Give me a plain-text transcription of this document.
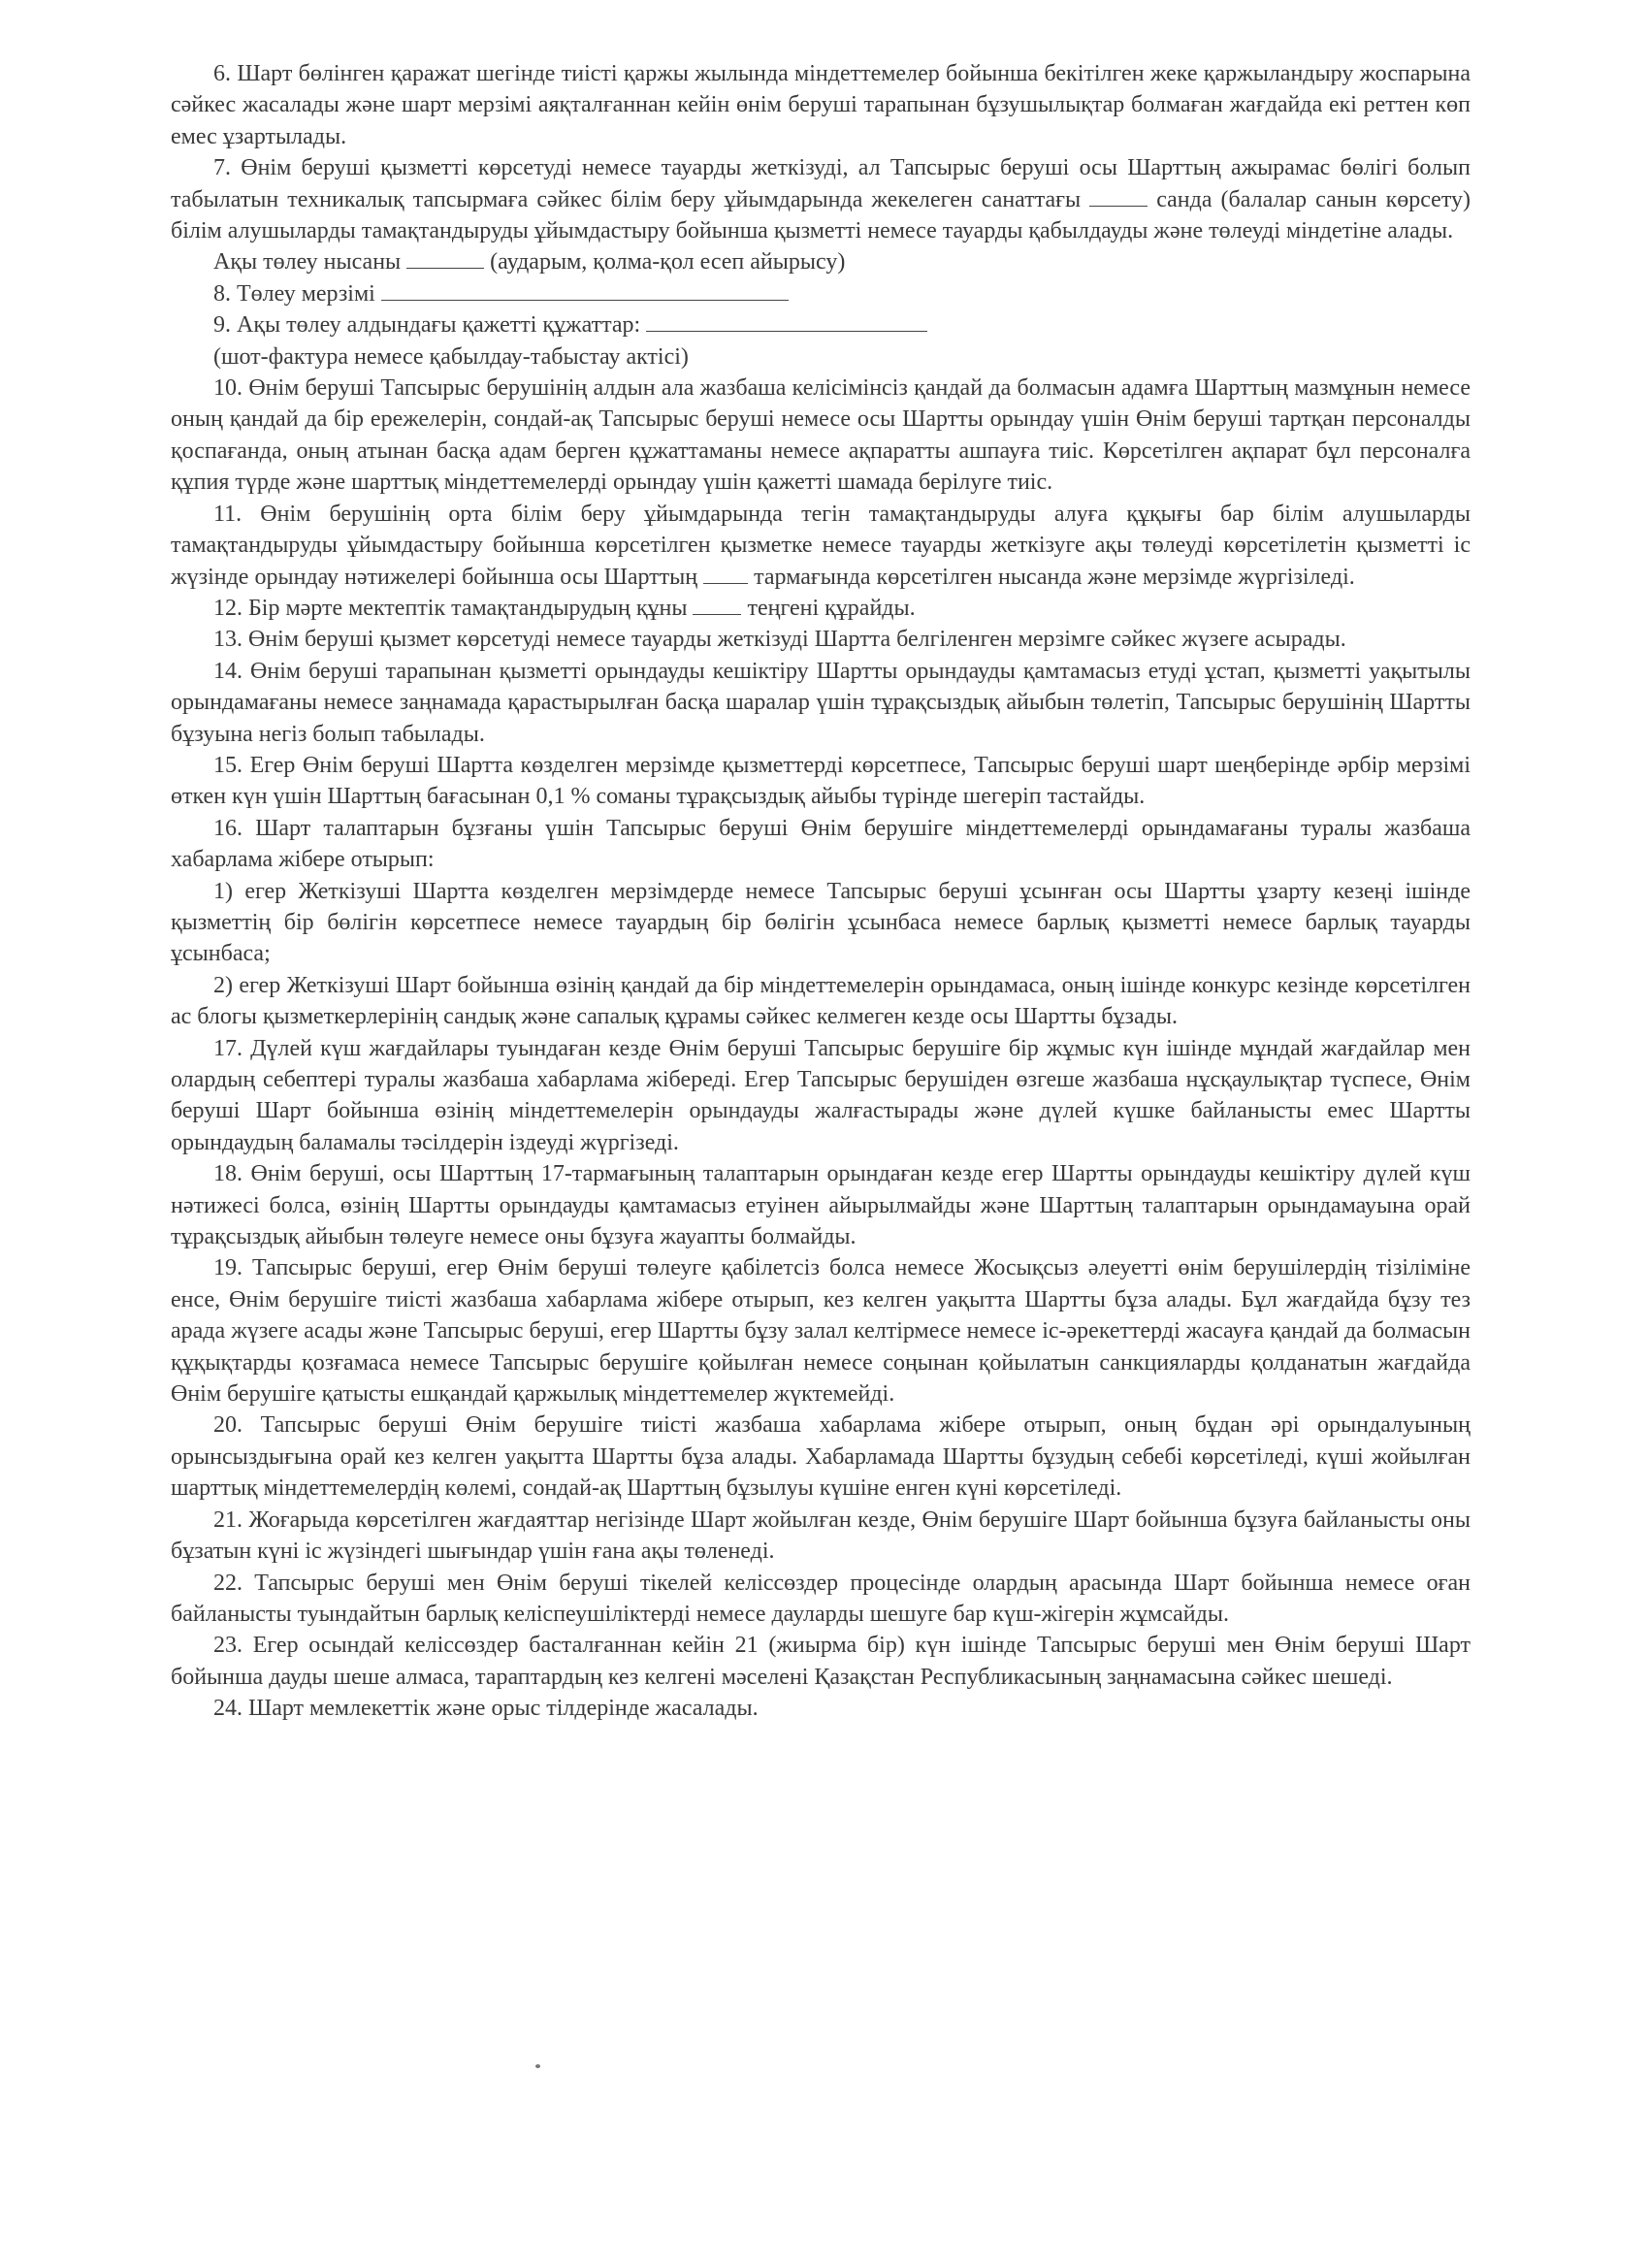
6. Шарт бөлінген қаражат шегінде тиісті қаржы жылында міндеттемелер бойынша бекітілген жеке қаржыландыру жоспарына сәйкес жасалады және шарт мерзімі аяқталғаннан кейін өнім беруші тарапынан бұзушылықтар болмаған жағдайда екі реттен көп емес ұзартылады.

7. Өнім беруші қызметті көрсетуді немесе тауарды жеткізуді, ал Тапсырыс беруші осы Шарттың ажырамас бөлігі болып табылатын техникалық тапсырмаға сәйкес білім беру ұйымдарында жекелеген санаттағы	санда (балалар санын көрсету) білім алушыларды тамақтандыруды ұйымдастыру бойынша қызметті немесе тауарды қабылдауды және төлеуді міндетіне алады.

Ақы төлеу нысаны	(аударым, қолма-қол есеп айырысу)

8. Төлеу мерзімі

9. Ақы төлеу алдындағы қажетті құжаттар:

(шот-фактура немесе қабылдау-табыстау актісі)

10. Өнім беруші Тапсырыс берушінің алдын ала жазбаша келісімінсіз қандай да болмасын адамға Шарттың мазмұнын немесе оның қандай да бір ережелерін, сондай-ақ Тапсырыс беруші немесе осы Шартты орындау үшін Өнім беруші тартқан персоналды қоспағанда, оның атынан басқа адам берген құжаттаманы немесе ақпаратты ашпауға тиіс. Көрсетілген ақпарат бұл персоналға құпия түрде және шарттық міндеттемелерді орындау үшін қажетті шамада берілуге тиіс.

11. Өнім берушінің орта білім беру ұйымдарында тегін тамақтандыруды алуға құқығы бар білім алушыларды тамақтандыруды ұйымдастыру бойынша көрсетілген қызметке немесе тауарды жеткізуге ақы төлеуді көрсетілетін қызметті іс жүзінде орындау нәтижелері бойынша осы Шарттың тармағында көрсетілген нысанда және мерзімде жүргізіледі.

12. Бір мәрте мектептік тамақтандырудың құны	теңгені құрайды.

13. Өнім беруші қызмет көрсетуді немесе тауарды жеткізуді Шартта белгіленген мерзімге сәйкес жүзеге асырады.

14. Өнім беруші тарапынан қызметті орындауды кешіктіру Шартты орындауды қамтамасыз етуді ұстап, қызметті уақытылы орындамағаны немесе заңнамада қарастырылған басқа шаралар үшін тұрақсыздық айыбын төлетіп, Тапсырыс берушінің Шартты бұзуына негіз болып табылады.

15. Егер Өнім беруші Шартта көзделген мерзімде қызметтерді көрсетпесе, Тапсырыс беруші шарт шеңберінде әрбір мерзімі өткен күн үшін Шарттың бағасынан 0,1 % соманы тұрақсыздық айыбы түрінде шегеріп тастайды.

16. Шарт талаптарын бұзғаны үшін Тапсырыс беруші Өнім берушіге міндеттемелерді орындамағаны туралы жазбаша хабарлама жібере отырып:

1) егер Жеткізуші Шартта көзделген мерзімдерде немесе Тапсырыс беруші ұсынған осы Шартты ұзарту кезеңі ішінде қызметтің бір бөлігін көрсетпесе немесе тауардың бір бөлігін ұсынбаса немесе барлық қызметті немесе барлық тауарды ұсынбаса;

2) егер Жеткізуші Шарт бойынша өзінің қандай да бір міндеттемелерін орындамаса, оның ішінде конкурс кезінде көрсетілген ас блогы қызметкерлерінің сандық және сапалық құрамы сәйкес келмеген кезде осы Шартты бұзады.

17. Дүлей күш жағдайлары туындаған кезде Өнім беруші Тапсырыс берушіге бір жұмыс күн ішінде мұндай жағдайлар мен олардың себептері туралы жазбаша хабарлама жібереді. Егер Тапсырыс берушіден өзгеше жазбаша нұсқаулықтар түспесе, Өнім беруші Шарт бойынша өзінің міндеттемелерін орындауды жалғастырады және дүлей күшке байланысты емес Шартты орындаудың баламалы тәсілдерін іздеуді жүргізеді.

18. Өнім беруші, осы Шарттың 17-тармағының талаптарын орындаған кезде егер Шартты орындауды кешіктіру дүлей күш нәтижесі болса, өзінің Шартты орындауды қамтамасыз етуінен айырылмайды және Шарттың талаптарын орындамауына орай тұрақсыздық айыбын төлеуге немесе оны бұзуға жауапты болмайды.

19. Тапсырыс беруші, егер Өнім беруші төлеуге қабілетсіз болса немесе Жосықсыз әлеуетті өнім берушілердің тізіліміне енсе, Өнім берушіге тиісті жазбаша хабарлама жібере отырып, кез келген уақытта Шартты бұза алады. Бұл жағдайда бұзу тез арада жүзеге асады және Тапсырыс беруші, егер Шартты бұзу залал келтірмесе немесе іс-әрекеттерді жасауға қандай да болмасын құқықтарды қозғамаса немесе Тапсырыс берушіге қойылған немесе соңынан қойылатын санкцияларды қолданатын жағдайда Өнім берушіге қатысты ешқандай қаржылық міндеттемелер жүктемейді.

20. Тапсырыс беруші Өнім берушіге тиісті жазбаша хабарлама жібере отырып, оның бұдан әрі орындалуының орынсыздығына орай кез келген уақытта Шартты бұза алады. Хабарламада Шартты бұзудың себебі көрсетіледі, күші жойылған шарттық міндеттемелердің көлемі, сондай-ақ Шарттың бұзылуы күшіне енген күні көрсетіледі.

21. Жоғарыда көрсетілген жағдаяттар негізінде Шарт жойылған кезде, Өнім берушіге Шарт бойынша бұзуға байланысты оны бұзатын күні іс жүзіндегі шығындар үшін ғана ақы төленеді.

22. Тапсырыс беруші мен Өнім беруші тікелей келіссөздер процесінде олардың арасында Шарт бойынша немесе оған байланысты туындайтын барлық келіспеушіліктерді немесе дауларды шешуге бар күш-жігерін жұмсайды.

23. Егер осындай келіссөздер басталғаннан кейін 21 (жиырма бір) күн ішінде Тапсырыс беруші мен Өнім беруші Шарт бойынша дауды шеше алмаса, тараптардың кез келгені мәселені Қазақстан Республикасының заңнамасына сәйкес шешеді.

24. Шарт мемлекеттік және орыс тілдерінде жасалады.
